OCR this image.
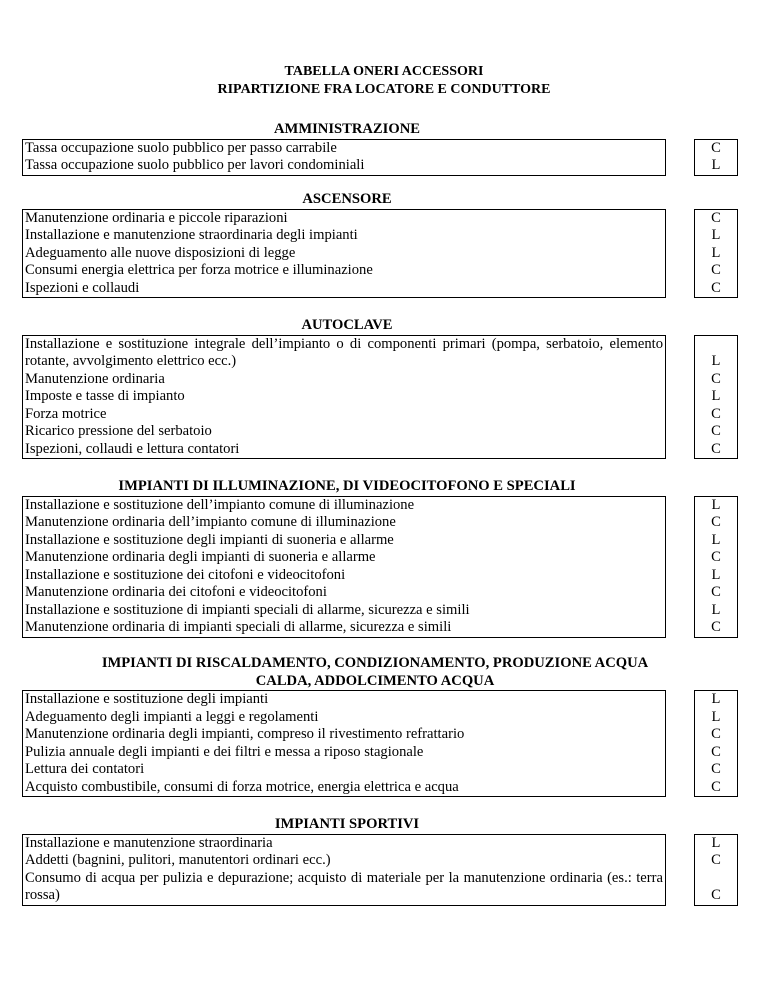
TABELLA ONERI ACCESSORI
RIPARTIZIONE FRA LOCATORE E CONDUTTORE
AMMINISTRAZIONE
Tassa occupazione suolo pubblico per passo carrabile
Tassa occupazione suolo pubblico per lavori condominiali
C
L
ASCENSORE
Manutenzione ordinaria e piccole riparazioni
Installazione e manutenzione straordinaria degli impianti
Adeguamento alle nuove disposizioni di legge
Consumi energia elettrica per forza motrice e illuminazione
Ispezioni e collaudi
C
L
L
C
C
AUTOCLAVE
Installazione e sostituzione integrale dell’impianto o di componenti primari (pompa, serbatoio, elemento rotante, avvolgimento elettrico ecc.)
Manutenzione ordinaria
Imposte e tasse di impianto
Forza motrice
Ricarico pressione del serbatoio
Ispezioni, collaudi e lettura contatori
L
C
L
C
C
C
IMPIANTI DI ILLUMINAZIONE, DI VIDEOCITOFONO E SPECIALI
Installazione e sostituzione dell’impianto comune di illuminazione
Manutenzione ordinaria dell’impianto comune di illuminazione
Installazione e sostituzione degli impianti di suoneria e allarme
Manutenzione ordinaria degli impianti di suoneria e allarme
Installazione e sostituzione dei citofoni e videocitofoni
Manutenzione ordinaria dei citofoni e videocitofoni
Installazione e sostituzione di impianti speciali di allarme, sicurezza e simili
Manutenzione ordinaria di impianti speciali di allarme, sicurezza e simili
L
C
L
C
L
C
L
C
IMPIANTI DI RISCALDAMENTO, CONDIZIONAMENTO, PRODUZIONE ACQUA
CALDA, ADDOLCIMENTO ACQUA
Installazione e sostituzione degli impianti
Adeguamento degli impianti a leggi e regolamenti
Manutenzione ordinaria degli impianti, compreso il rivestimento refrattario
Pulizia annuale degli impianti e dei filtri e messa a riposo stagionale
Lettura dei contatori
Acquisto combustibile, consumi di forza motrice, energia elettrica e acqua
L
L
C
C
C
C
IMPIANTI SPORTIVI
Installazione e manutenzione straordinaria
Addetti (bagnini, pulitori, manutentori ordinari ecc.)
Consumo di acqua per pulizia e depurazione; acquisto di materiale per la manutenzione ordinaria (es.: terra rossa)
L
C
C
